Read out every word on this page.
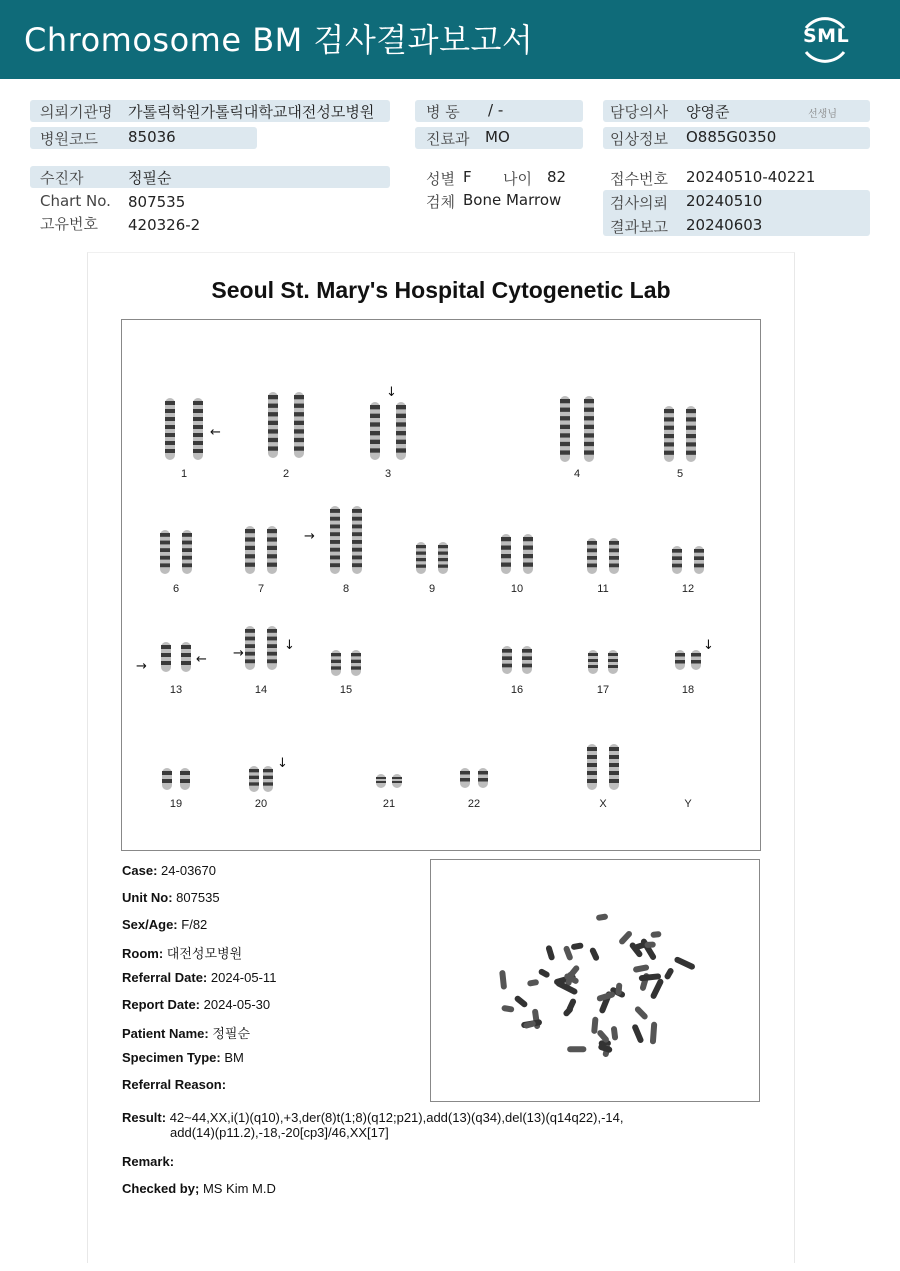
Chromosome BM 검사결과보고서	SML
의뢰기관명 가톨릭학원가톨릭대학교대전성모병원
병원코드 85036
병 동 / -
진료과 MO
담당의사 양영준	선생님
임상정보 O885G0350
수진자	정필순
Chart No. 807535
고유번호 420326-2
성별 F 나이 82
검체 Bone Marrow
접수번호 20240510-40221
검사의뢰 20240510
결과보고 20240603
Seoul St. Mary's Hospital Cytogenetic Lab
1	2	3	4	5
6	7	8	9	10	11	12
13	14	15	16	17	18
19	20	21	22	X	Y
←
↓
→
→	← →
↓	↓
↓
Case: 24-03670
Unit No: 807535
Sex/Age: F/82
Room: 대전성모병원
Referral Date: 2024-05-11
Report Date: 2024-05-30
Patient Name: 정필순
Specimen Type: BM
Referral Reason:
Result: 42~44,XX,i(1)(q10),+3,der(8)t(1;8)(q12;p21),add(13)(q34),del(13)(q14q22),-14,
add(14)(p11.2),-18,-20[cp3]/46,XX[17]
Remark:
Checked by; MS Kim M.D
